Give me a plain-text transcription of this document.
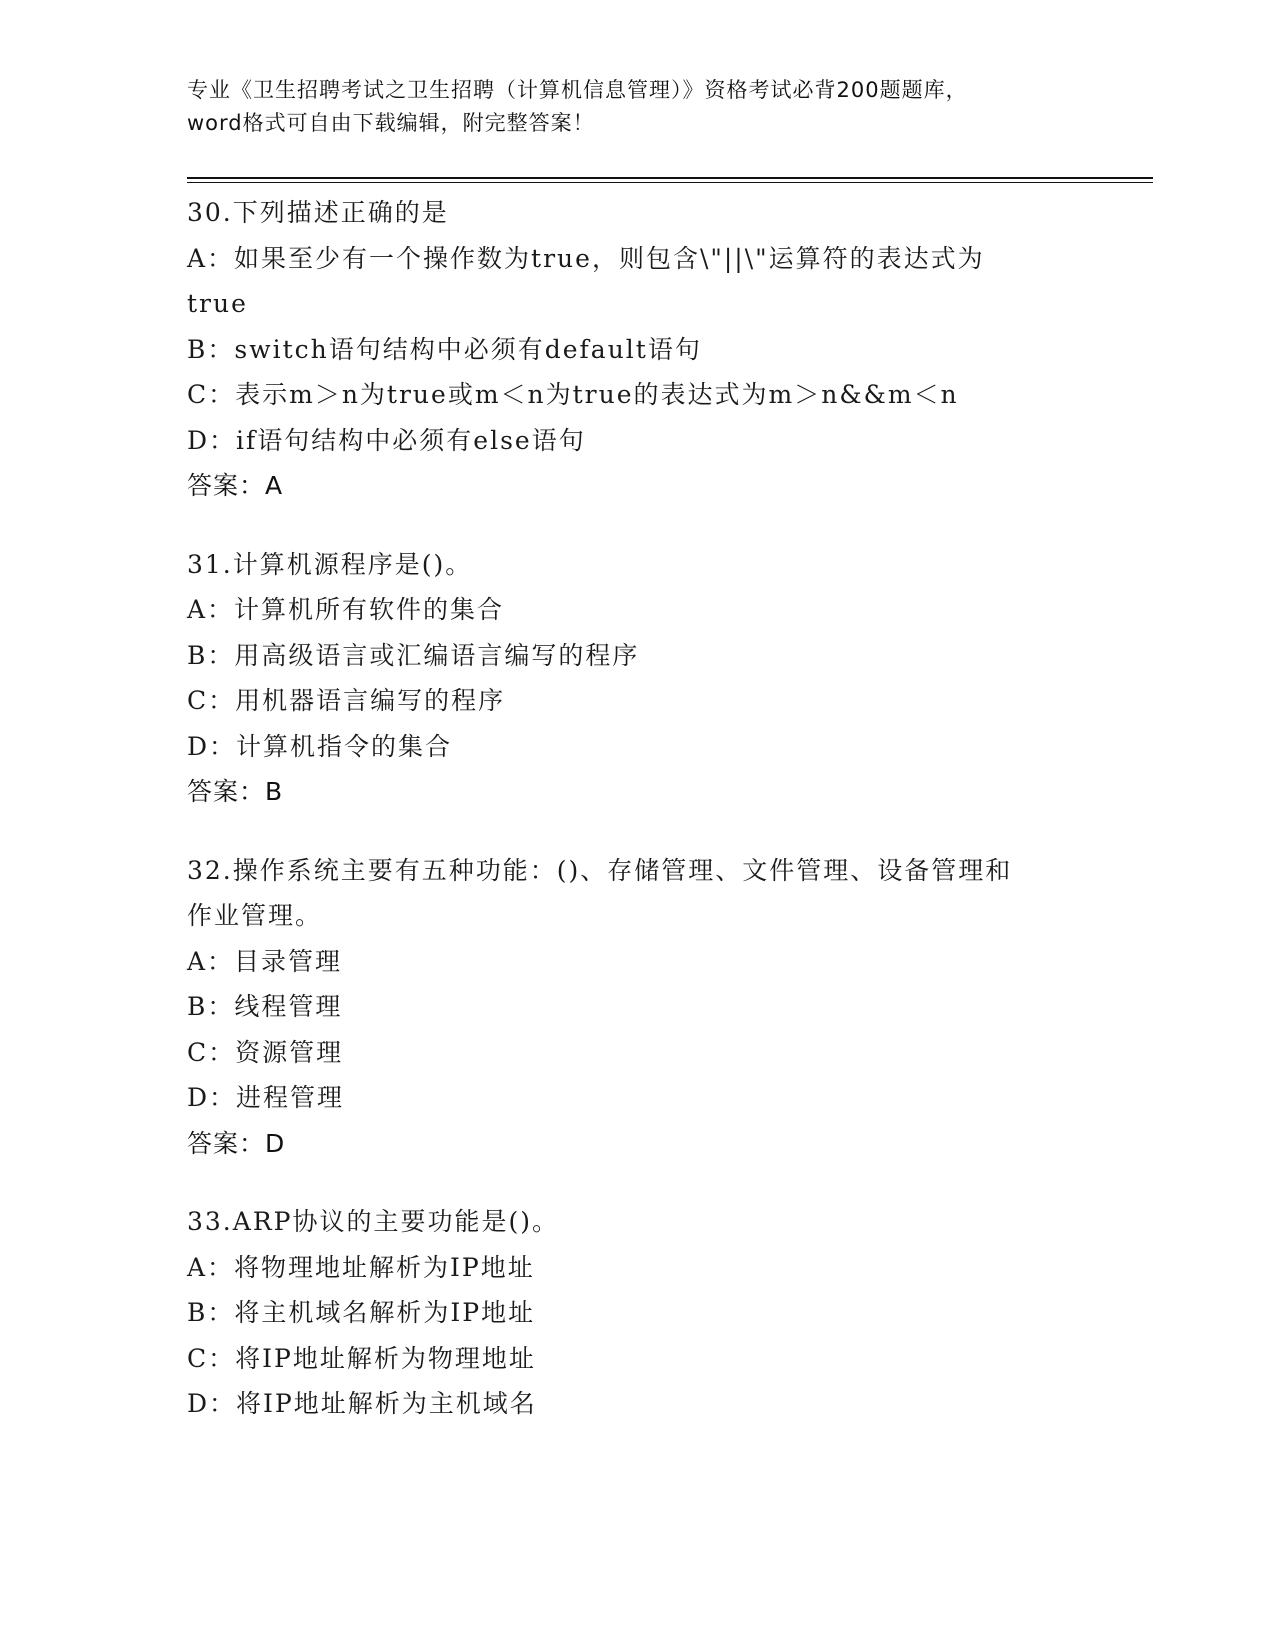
专业《卫生招聘考试之卫生招聘（计算机信息管理）》资格考试必背200题题库，
word格式可自由下载编辑，附完整答案！
30.下列描述正确的是
A：如果至少有一个操作数为true，则包含\"||\"运算符的表达式为
true
B：switch语句结构中必须有default语句
C：表示m＞n为true或m＜n为true的表达式为m＞n&&m＜n
D：if语句结构中必须有else语句
答案：A
31.计算机源程序是()。
A：计算机所有软件的集合
B：用高级语言或汇编语言编写的程序
C：用机器语言编写的程序
D：计算机指令的集合
答案：B
32.操作系统主要有五种功能：()、存储管理、文件管理、设备管理和
作业管理。
A：目录管理
B：线程管理
C：资源管理
D：进程管理
答案：D
33.ARP协议的主要功能是()。
A：将物理地址解析为IP地址
B：将主机域名解析为IP地址
C：将IP地址解析为物理地址
D：将IP地址解析为主机域名
